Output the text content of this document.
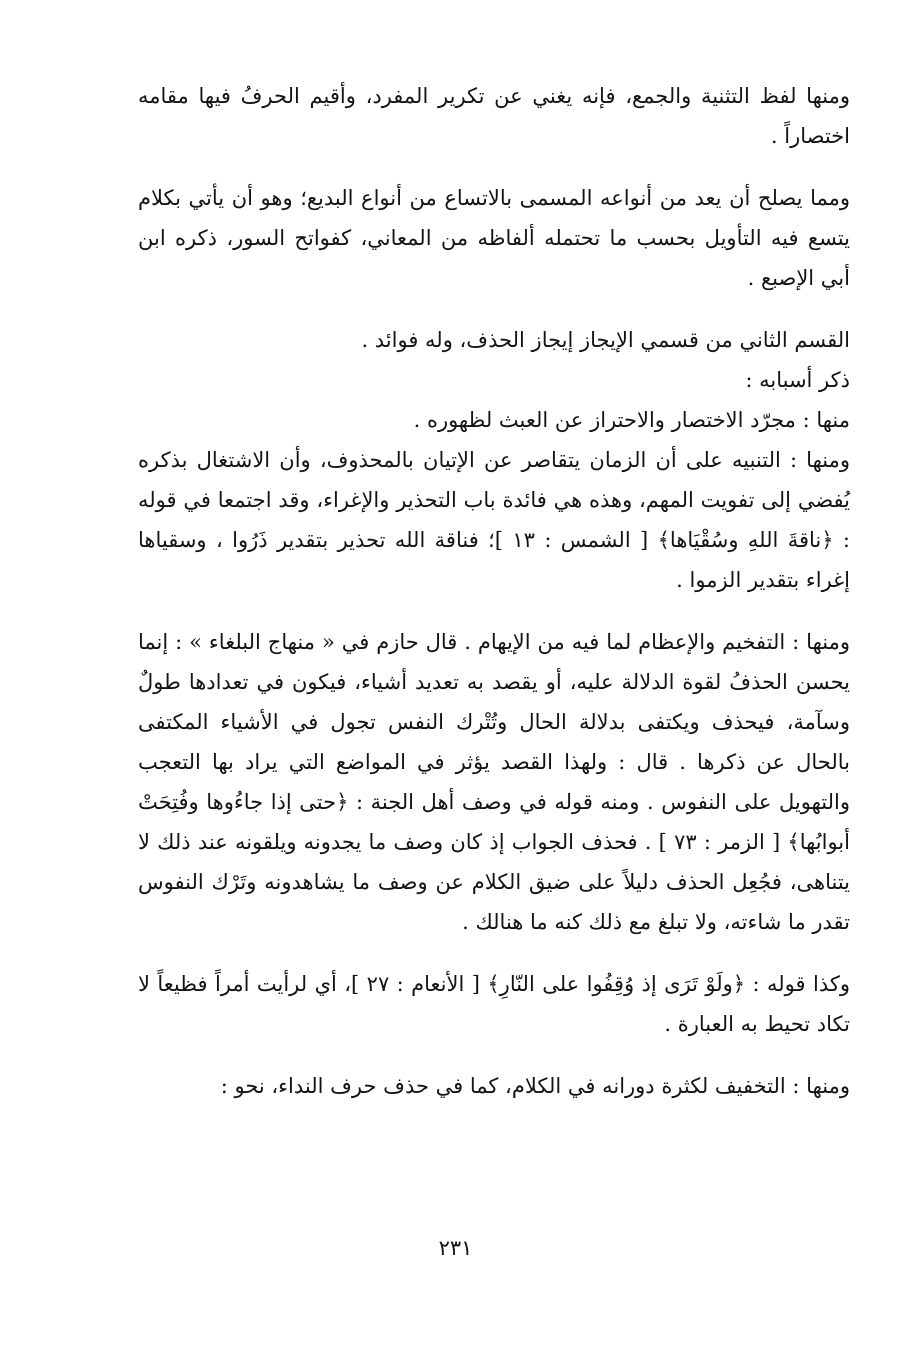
ومنها لفظ التثنية والجمع، فإنه يغني عن تكرير المفرد، وأقيم الحرفُ فيها مقامه اختصاراً .

ومما يصلح أن يعد من أنواعه المسمى بالاتساع من أنواع البديع؛ وهو أن يأتي بكلام يتسع فيه التأويل بحسب ما تحتمله ألفاظه من المعاني، كفواتح السور، ذكره ابن أبي الإصبع .

القسم الثاني من قسمي الإيجاز إيجاز الحذف، وله فوائد .

ذكر أسبابه :

منها : مجرّد الاختصار والاحتراز عن العبث لظهوره .

ومنها : التنبيه على أن الزمان يتقاصر عن الإتيان بالمحذوف، وأن الاشتغال بذكره يُفضي إلى تفويت المهم، وهذه هي فائدة باب التحذير والإغراء، وقد اجتمعا في قوله : ﴿ناقةَ اللهِ وسُقْيَاها﴾ [ الشمس : ١٣ ]؛ فناقة الله تحذير بتقدير ذَرُوا ، وسقياها إغراء بتقدير الزموا .

ومنها : التفخيم والإعظام لما فيه من الإيهام . قال حازم في « منهاج البلغاء » : إنما يحسن الحذفُ لقوة الدلالة عليه، أو يقصد به تعديد أشياء، فيكون في تعدادها طولٌ وسآمة، فيحذف ويكتفى بدلالة الحال وتُتْرك النفس تجول في الأشياء المكتفى بالحال عن ذكرها . قال : ولهذا القصد يؤثر في المواضع التي يراد بها التعجب والتهويل على النفوس . ومنه قوله في وصف أهل الجنة : ﴿حتى إذا جاءُوها وفُتِحَتْ أبوابُها﴾ [ الزمر : ٧٣ ] . فحذف الجواب إذ كان وصف ما يجدونه ويلقونه عند ذلك لا يتناهى، فجُعِل الحذف دليلاً على ضيق الكلام عن وصف ما يشاهدونه وتَرْك النفوس تقدر ما شاءته، ولا تبلغ مع ذلك كنه ما هنالك .

وكذا قوله : ﴿ولَوْ تَرَى إذ وُقِفُوا على النّارِ﴾ [ الأنعام : ٢٧ ]، أي لرأيت أمراً فظيعاً لا تكاد تحيط به العبارة .

ومنها : التخفيف لكثرة دورانه في الكلام، كما في حذف حرف النداء، نحو :

٢٣١
